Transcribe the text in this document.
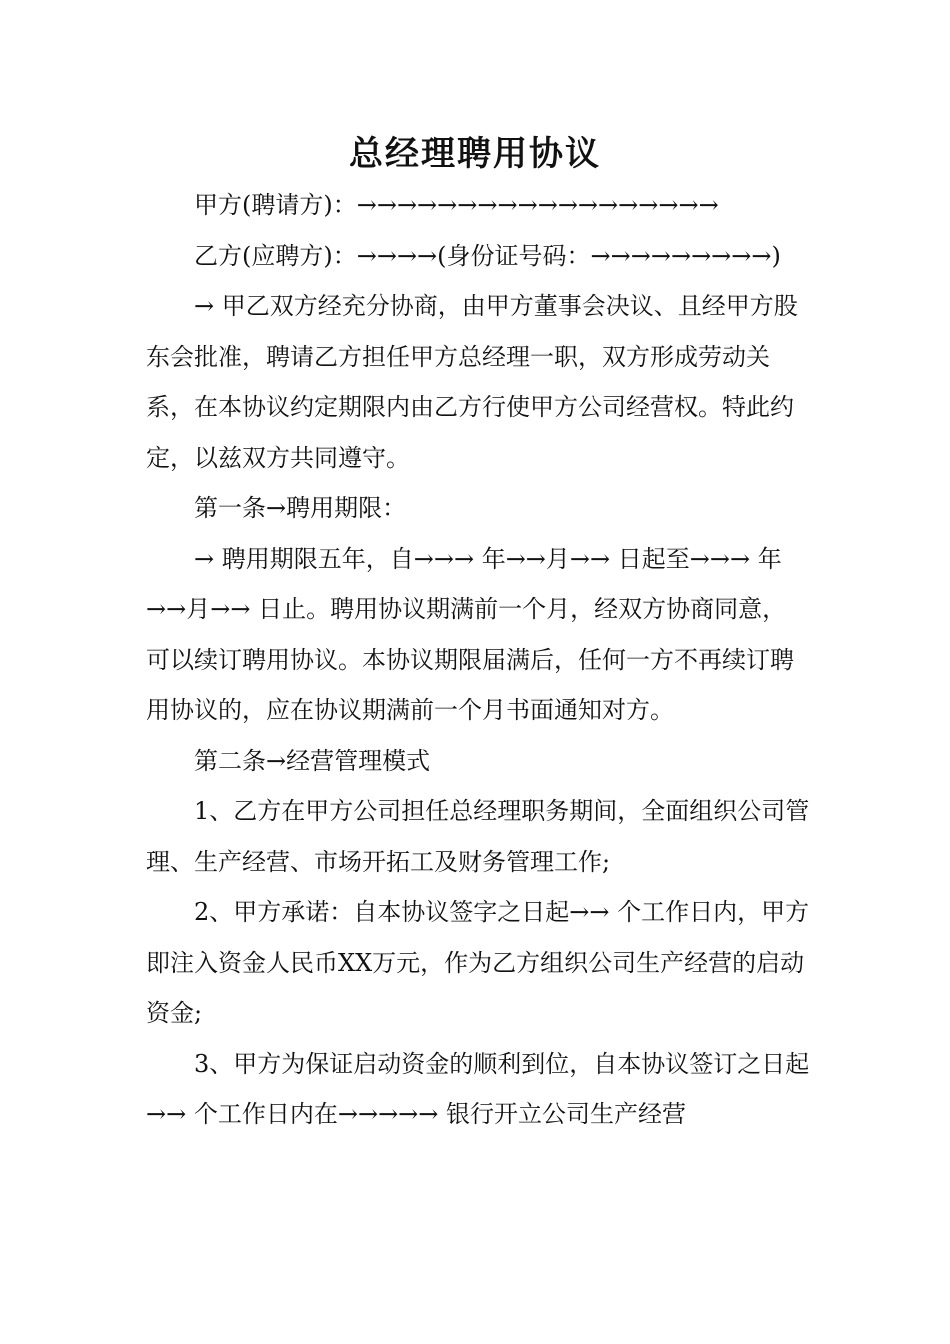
总经理聘用协议

甲方(聘请方)：→→→→→→→→→→→→→→→→→→

乙方(应聘方)：→→→→(身份证号码：→→→→→→→→→)

→ 甲乙双方经充分协商，由甲方董事会决议、且经甲方股东会批准，聘请乙方担任甲方总经理一职，双方形成劳动关系，在本协议约定期限内由乙方行使甲方公司经营权。特此约定，以兹双方共同遵守。

第一条→聘用期限：

→ 聘用期限五年，自→→→ 年→→月→→ 日起至→→→ 年→→月→→ 日止。聘用协议期满前一个月，经双方协商同意，可以续订聘用协议。本协议期限届满后，任何一方不再续订聘用协议的，应在协议期满前一个月书面通知对方。

第二条→经营管理模式

1、乙方在甲方公司担任总经理职务期间，全面组织公司管理、生产经营、市场开拓工及财务管理工作;

2、甲方承诺：自本协议签字之日起→→ 个工作日内，甲方即注入资金人民币XX万元，作为乙方组织公司生产经营的启动资金;

3、甲方为保证启动资金的顺利到位，自本协议签订之日起→→ 个工作日内在→→→→→ 银行开立公司生产经营
